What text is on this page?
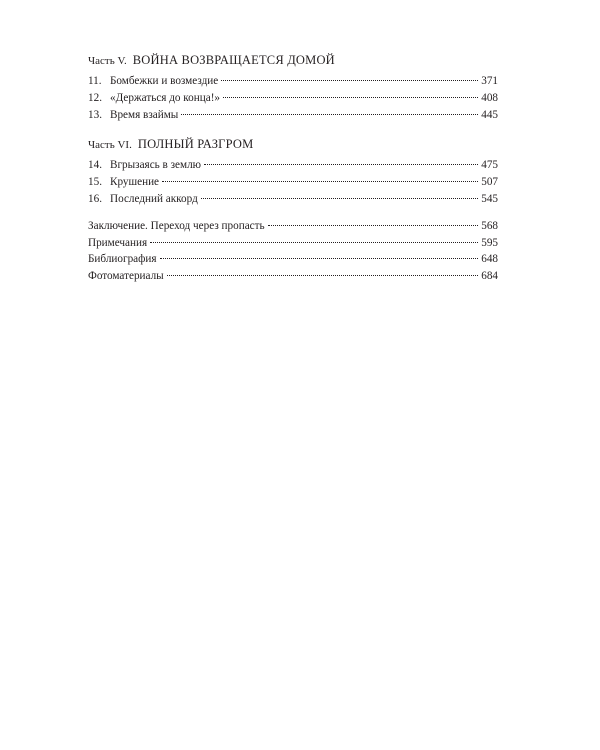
Часть V. ВОЙНА ВОЗВРАЩАЕТСЯ ДОМОЙ
11. Бомбежки и возмездие	371
12. «Держаться до конца!»	408
13. Время взаймы	445
Часть VI. ПОЛНЫЙ РАЗГРОМ
14. Вгрызаясь в землю	475
15. Крушение	507
16. Последний аккорд	545
Заключение. Переход через пропасть	568
Примечания	595
Библиография	648
Фотоматериалы	684
